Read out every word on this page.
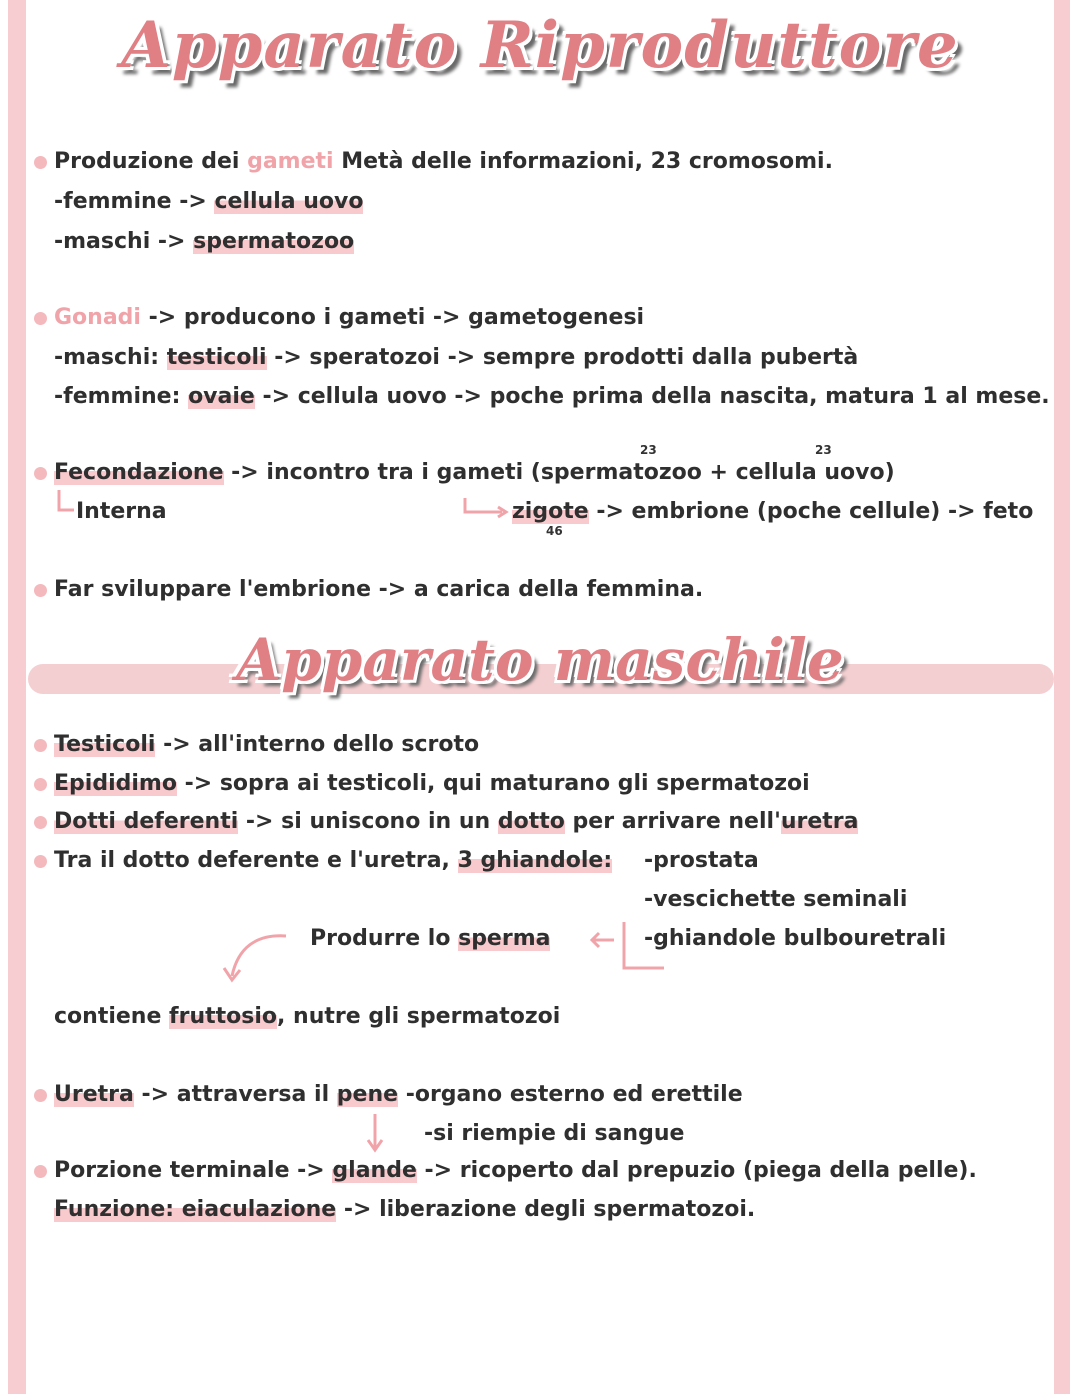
Apparato Riproduttore
Produzione dei gameti Metà delle informazioni, 23 cromosomi.
-femmine -> cellula uovo
-maschi -> spermatozoo
Gonadi -> producono i gameti -> gametogenesi
-maschi: testicoli -> speratozoi -> sempre prodotti dalla pubertà
-femmine: ovaie -> cellula uovo -> poche prima della nascita, matura 1 al mese.
23	23
Fecondazione -> incontro tra i gameti (spermatozoo + cellula uovo)
Interna	zigote -> embrione (poche cellule) -> feto
46
Far sviluppare l'embrione -> a carica della femmina.
Apparato maschile
Testicoli -> all'interno dello scroto
Epididimo -> sopra ai testicoli, qui maturano gli spermatozoi
Dotti deferenti -> si uniscono in un dotto per arrivare nell'uretra
Tra il dotto deferente e l'uretra, 3 ghiandole: -prostata
-vescichette seminali
-ghiandole bulbouretrali
Produrre lo sperma
contiene fruttosio, nutre gli spermatozoi
Uretra -> attraversa il pene -organo esterno ed erettile
-si riempie di sangue
Porzione terminale -> glande -> ricoperto dal prepuzio (piega della pelle).
Funzione: eiaculazione -> liberazione degli spermatozoi.
